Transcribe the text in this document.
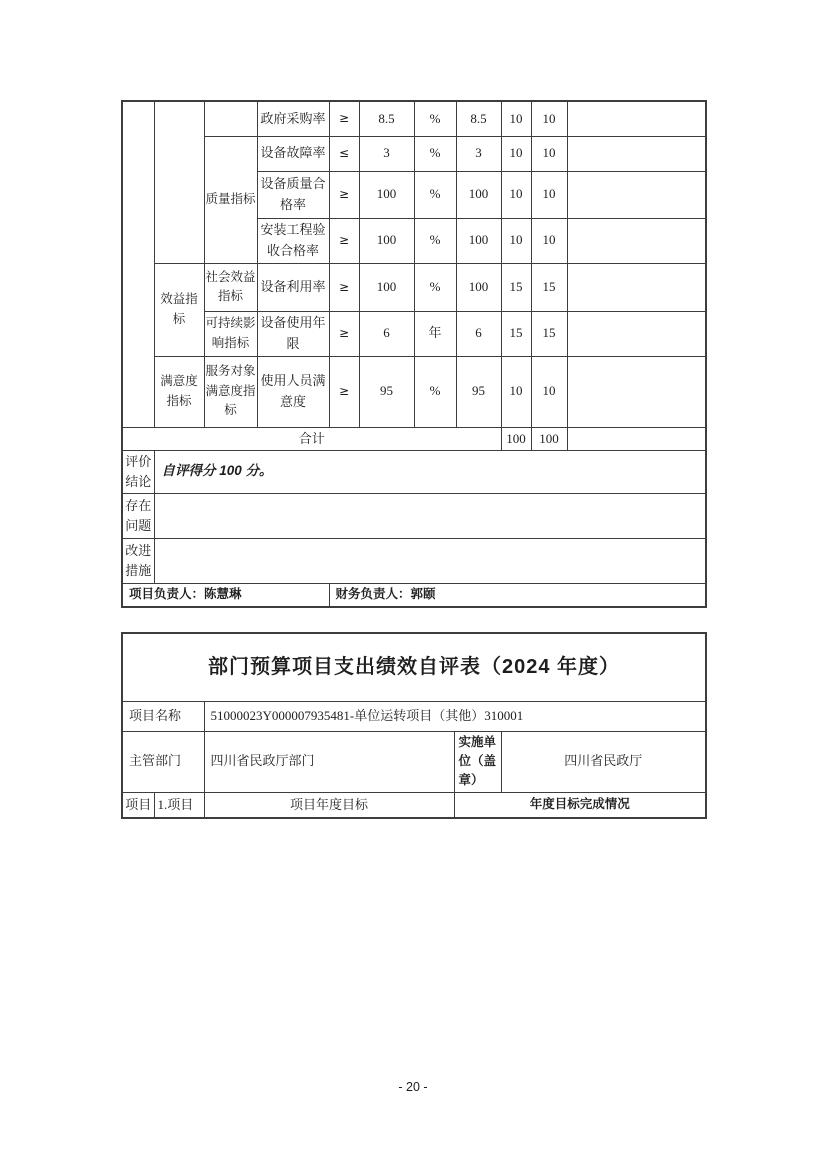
			政府采购率	≥	8.5	%	8.5	10	10	
		质量指标	设备故障率	≤	3	%	3	10	10	
			设备质量合格率	≥	100	%	100	10	10	
			安装工程验收合格率	≥	100	%	100	10	10	
	效益指标	社会效益指标	设备利用率	≥	100	%	100	15	15	
		可持续影响指标	设备使用年限	≥	6	年	6	15	15	
	满意度指标	服务对象满意度指标	使用人员满意度	≥	95	%	95	10	10	
合计								100	100	
评价结论	自评得分 100 分。									
存在问题										
改进措施										
项目负责人：陈慧琳				财务负责人：郭颐						
部门预算项目支出绩效自评表（2024 年度）				
项目名称		51000023Y000007935481-单位运转项目（其他）310001		
主管部门		四川省民政厅部门	实施单位（盖章）	四川省民政厅
项目	1.项目	项目年度目标	年度目标完成情况	
- 20 -
